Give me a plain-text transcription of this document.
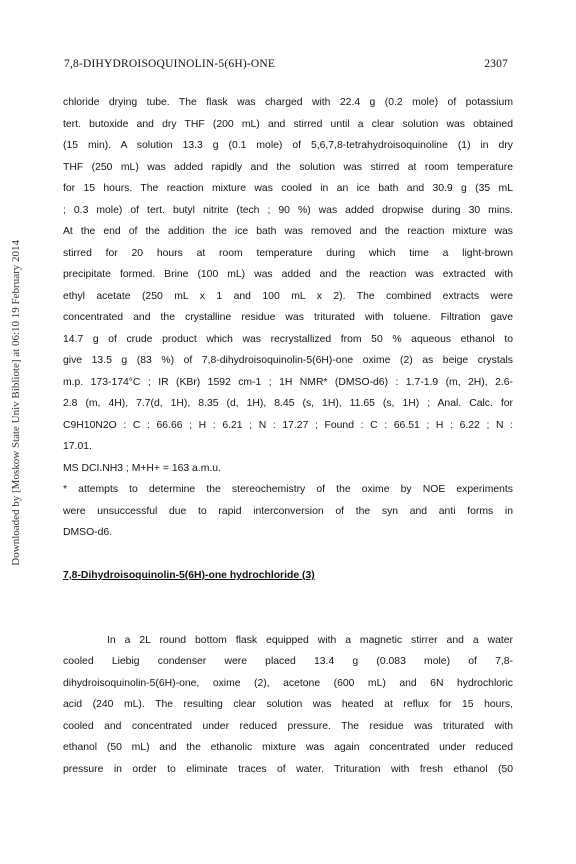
7,8-DIHYDROISOQUINOLIN-5(6H)-ONE	2307
Downloaded by [Moskow State Univ Bibliote] at 06:10 19 February 2014
chloride drying tube. The flask was charged with 22.4 g (0.2 mole) of potassium
tert. butoxide and dry THF (200 mL) and stirred until a clear solution was obtained
(15 min). A solution 13.3 g (0.1 mole) of 5,6,7,8-tetrahydroisoquinoline (1) in dry
THF (250 mL) was added rapidly and the solution was stirred at room temperature
for 15 hours. The reaction mixture was cooled in an ice bath and 30.9 g (35 mL
; 0.3 mole) of tert. butyl nitrite (tech ; 90 %) was added dropwise during 30 mins.
At the end of the addition the ice bath was removed and the reaction mixture was
stirred for 20 hours at room temperature during which time a light-brown
precipitate formed. Brine (100 mL) was added and the reaction was extracted with
ethyl acetate (250 mL x 1 and 100 mL x 2). The combined extracts were
concentrated and the crystalline residue was triturated with toluene. Filtration gave
14.7 g of crude product which was recrystallized from 50 % aqueous ethanol to
give 13.5 g (83 %) of 7,8-dihydroisoquinolin-5(6H)-one oxime (2) as beige crystals
m.p. 173-174°C ; IR (KBr) 1592 cm-1 ; 1H NMR* (DMSO-d6) : 1.7-1.9 (m, 2H), 2.6-
2.8 (m, 4H), 7.7(d, 1H), 8.35 (d, 1H), 8.45 (s, 1H), 11.65 (s, 1H) ; Anal. Calc. for
C9H10N2O : C : 66.66 ; H : 6.21 ; N : 17.27 ; Found : C : 66.51 ; H : 6.22 ; N :
17.01.
MS DCI.NH3 ; M+H+ = 163 a.m.u.
* attempts to determine the stereochemistry of the oxime by NOE experiments
were unsuccessful due to rapid interconversion of the syn and anti forms in
DMSO-d6.
7,8-Dihydroisoquinolin-5(6H)-one hydrochloride (3)
In a 2L round bottom flask equipped with a magnetic stirrer and a water
cooled Liebig condenser were placed 13.4 g (0.083 mole) of 7,8-
dihydroisoquinolin-5(6H)-one, oxime (2), acetone (600 mL) and 6N hydrochloric
acid (240 mL). The resulting clear solution was heated at reflux for 15 hours,
cooled and concentrated under reduced pressure. The residue was triturated with
ethanol (50 mL) and the ethanolic mixture was again concentrated under reduced
pressure in order to eliminate traces of water. Trituration with fresh ethanol (50
